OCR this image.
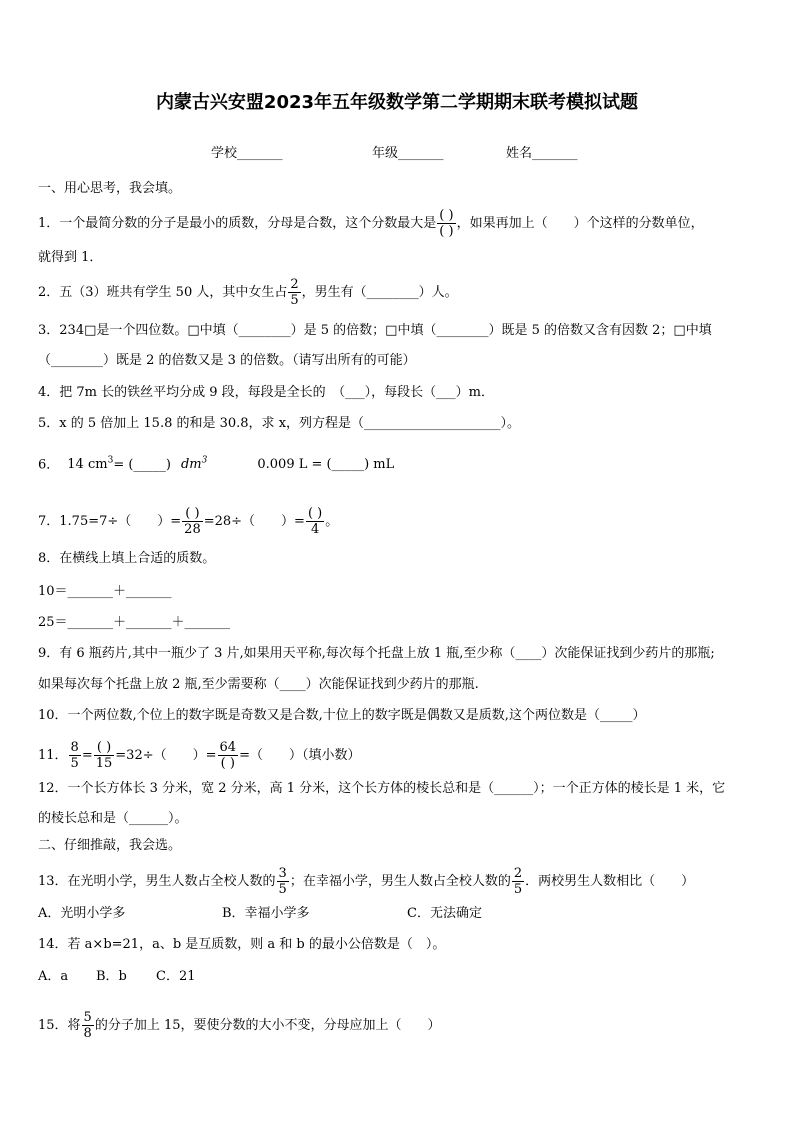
内蒙古兴安盟2023年五年级数学第二学期期末联考模拟试题
学校_______	年级_______	姓名_______
一、用心思考，我会填。
1．一个最简分数的分子是最小的质数，分母是合数，这个分数最大是 $\frac{( )}{( )}$ ，如果再加上（　　）个这样的分数单位，
就得到 1．
2．五（3）班共有学生 50 人，其中女生占 $\frac{2}{5}$ ，男生有（________）人。
3．234□是一个四位数。□中填（________）是 5 的倍数；□中填（________）既是 5 的倍数又含有因数 2；□中填
（________）既是 2 的倍数又是 3 的倍数。（请写出所有的可能）
4．把 7m 长的铁丝平均分成 9 段，每段是全长的　（___），每段长（___）m．
5．x 的 5 倍加上 15.8 的和是 30.8，求 x，列方程是（_____________________）。
6． 14 $cm^3=$ (_____) $dm^3$	0.009 L = (_____) mL
7．1.75=7÷（　　）= $\frac{( )}{28} =28\div$（　　）= $\frac{( )}{4}$ 。
8．在横线上填上合适的质数。
10＝_______＋_______
25＝_______＋_______＋_______
9．有 6 瓶药片,其中一瓶少了 3 片,如果用天平称,每次每个托盘上放 1 瓶,至少称（____）次能保证找到少药片的那瓶;
如果每次每个托盘上放 2 瓶,至少需要称（____）次能保证找到少药片的那瓶.
10．一个两位数,个位上的数字既是奇数又是合数,十位上的数字既是偶数又是质数,这个两位数是（_____）
11． $\frac{8}{5} = \frac{( )}{15} =32\div$（　　）= $\frac{64}{( )}$ =（　　）（填小数）
12．一个长方体长 3 分米，宽 2 分米，高 1 分米，这个长方体的棱长总和是（______）；一个正方体的棱长是 1 米，它
的棱长总和是（______）。
二、仔细推敲，我会选。
13．在光明小学，男生人数占全校人数的 $\frac{3}{5}$ ；在幸福小学，男生人数占全校人数的 $\frac{2}{5}$ ．两校男生人数相比（　　）
A．光明小学多	B．幸福小学多	C．无法确定
14．若 a×b=21，a、b 是互质数，则 a 和 b 的最小公倍数是（　）。
A．a B．b C．21
15．将 $\frac{5}{8}$ 的分子加上 15，要使分数的大小不变，分母应加上（　　）
